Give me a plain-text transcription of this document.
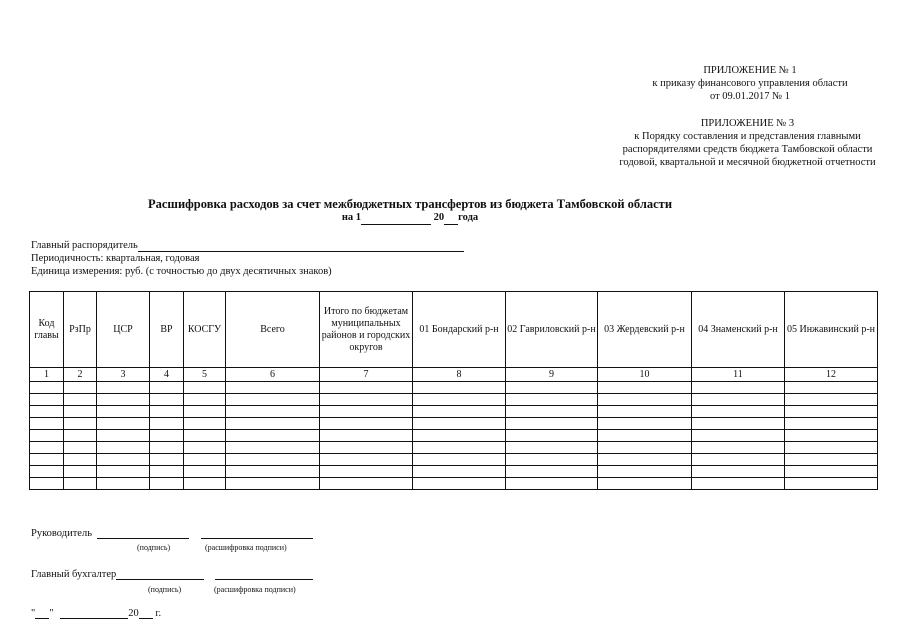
ПРИЛОЖЕНИЕ № 1
к приказу финансового управления области
от 09.01.2017 № 1
ПРИЛОЖЕНИЕ № 3
к Порядку составления и представления главными
распорядителями средств бюджета Тамбовской области
годовой, квартальной и месячной бюджетной отчетности
Расшифровка расходов за счет межбюджетных трансфертов из бюджета Тамбовской области
на 1	20 года
Главный распорядитель
Периодичность: квартальная, годовая
Единица измерения: руб. (с точностью до двух десятичных знаков)
Код главы	РзПр	ЦСР	ВР	КОСГУ	Всего	Итого по бюджетам муниципальных районов и городских округов	01 Бондарский р-н	02 Гавриловский р-н	03 Жердевский р-н	04 Знаменский р-н	05 Инжавинский р-н
1	2	3	4	5	6	7	8	9	10	11	12

Руководитель
(подпись)	(расшифровка подписи)
Главный бухгалтер
(подпись)	(расшифровка подписи)
" "	20 г.
